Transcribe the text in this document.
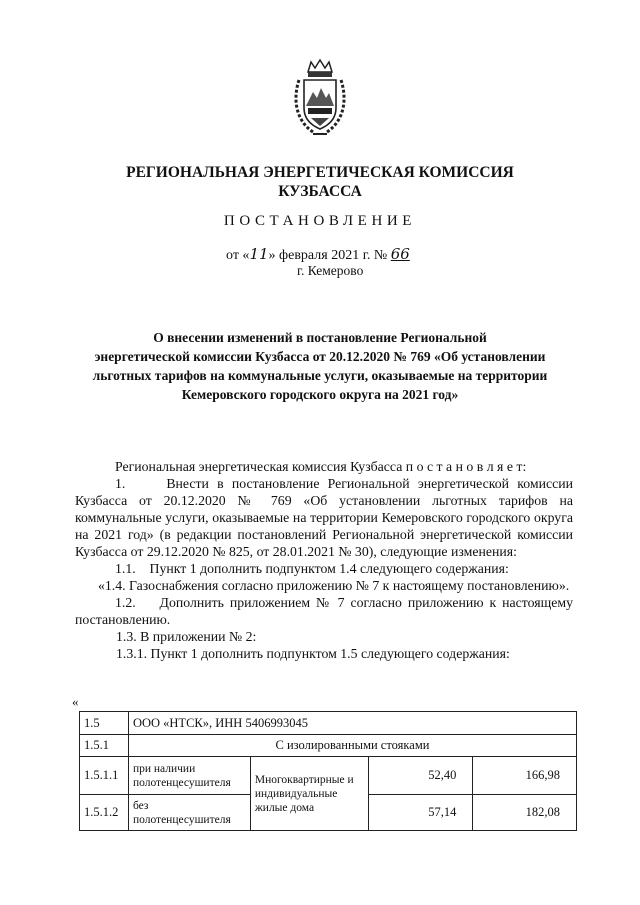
РЕГИОНАЛЬНАЯ ЭНЕРГЕТИЧЕСКАЯ КОМИССИЯ
КУЗБАССА
ПОСТАНОВЛЕНИЕ
от «11» февраля 2021 г. № 66
г. Кемерово
О внесении изменений в постановление Региональной
энергетической комиссии Кузбасса от 20.12.2020 № 769 «Об установлении
льготных тарифов на коммунальные услуги, оказываемые на территории
Кемеровского городского округа на 2021 год»

Региональная энергетическая комиссия Кузбасса п о с т а н о в л я е т:

1.     Внести в постановление Региональной энергетической комиссии Кузбасса от 20.12.2020 № 769 «Об установлении льготных тарифов на коммунальные услуги, оказываемые на территории Кемеровского городского округа на 2021 год» (в редакции постановлений Региональной энергетической комиссии Кузбасса от 29.12.2020 № 825, от 28.01.2021 № 30), следующие изменения:

1.1.    Пункт 1 дополнить подпунктом 1.4 следующего содержания:

«1.4. Газоснабжения согласно приложению № 7 к настоящему постановлению».

1.2.    Дополнить приложением № 7 согласно приложению к настоящему постановлению.

1.3. В приложении № 2:

1.3.1. Пункт 1 дополнить подпунктом 1.5 следующего содержания:

«
1.5	ООО «НТСК», ИНН 5406993045			
1.5.1	С изолированными стояками			
1.5.1.1	при наличии полотенцесушителя	Многоквартирные и индивидуальные жилые дома	52,40	166,98
1.5.1.2	без полотенцесушителя		57,14	182,08
